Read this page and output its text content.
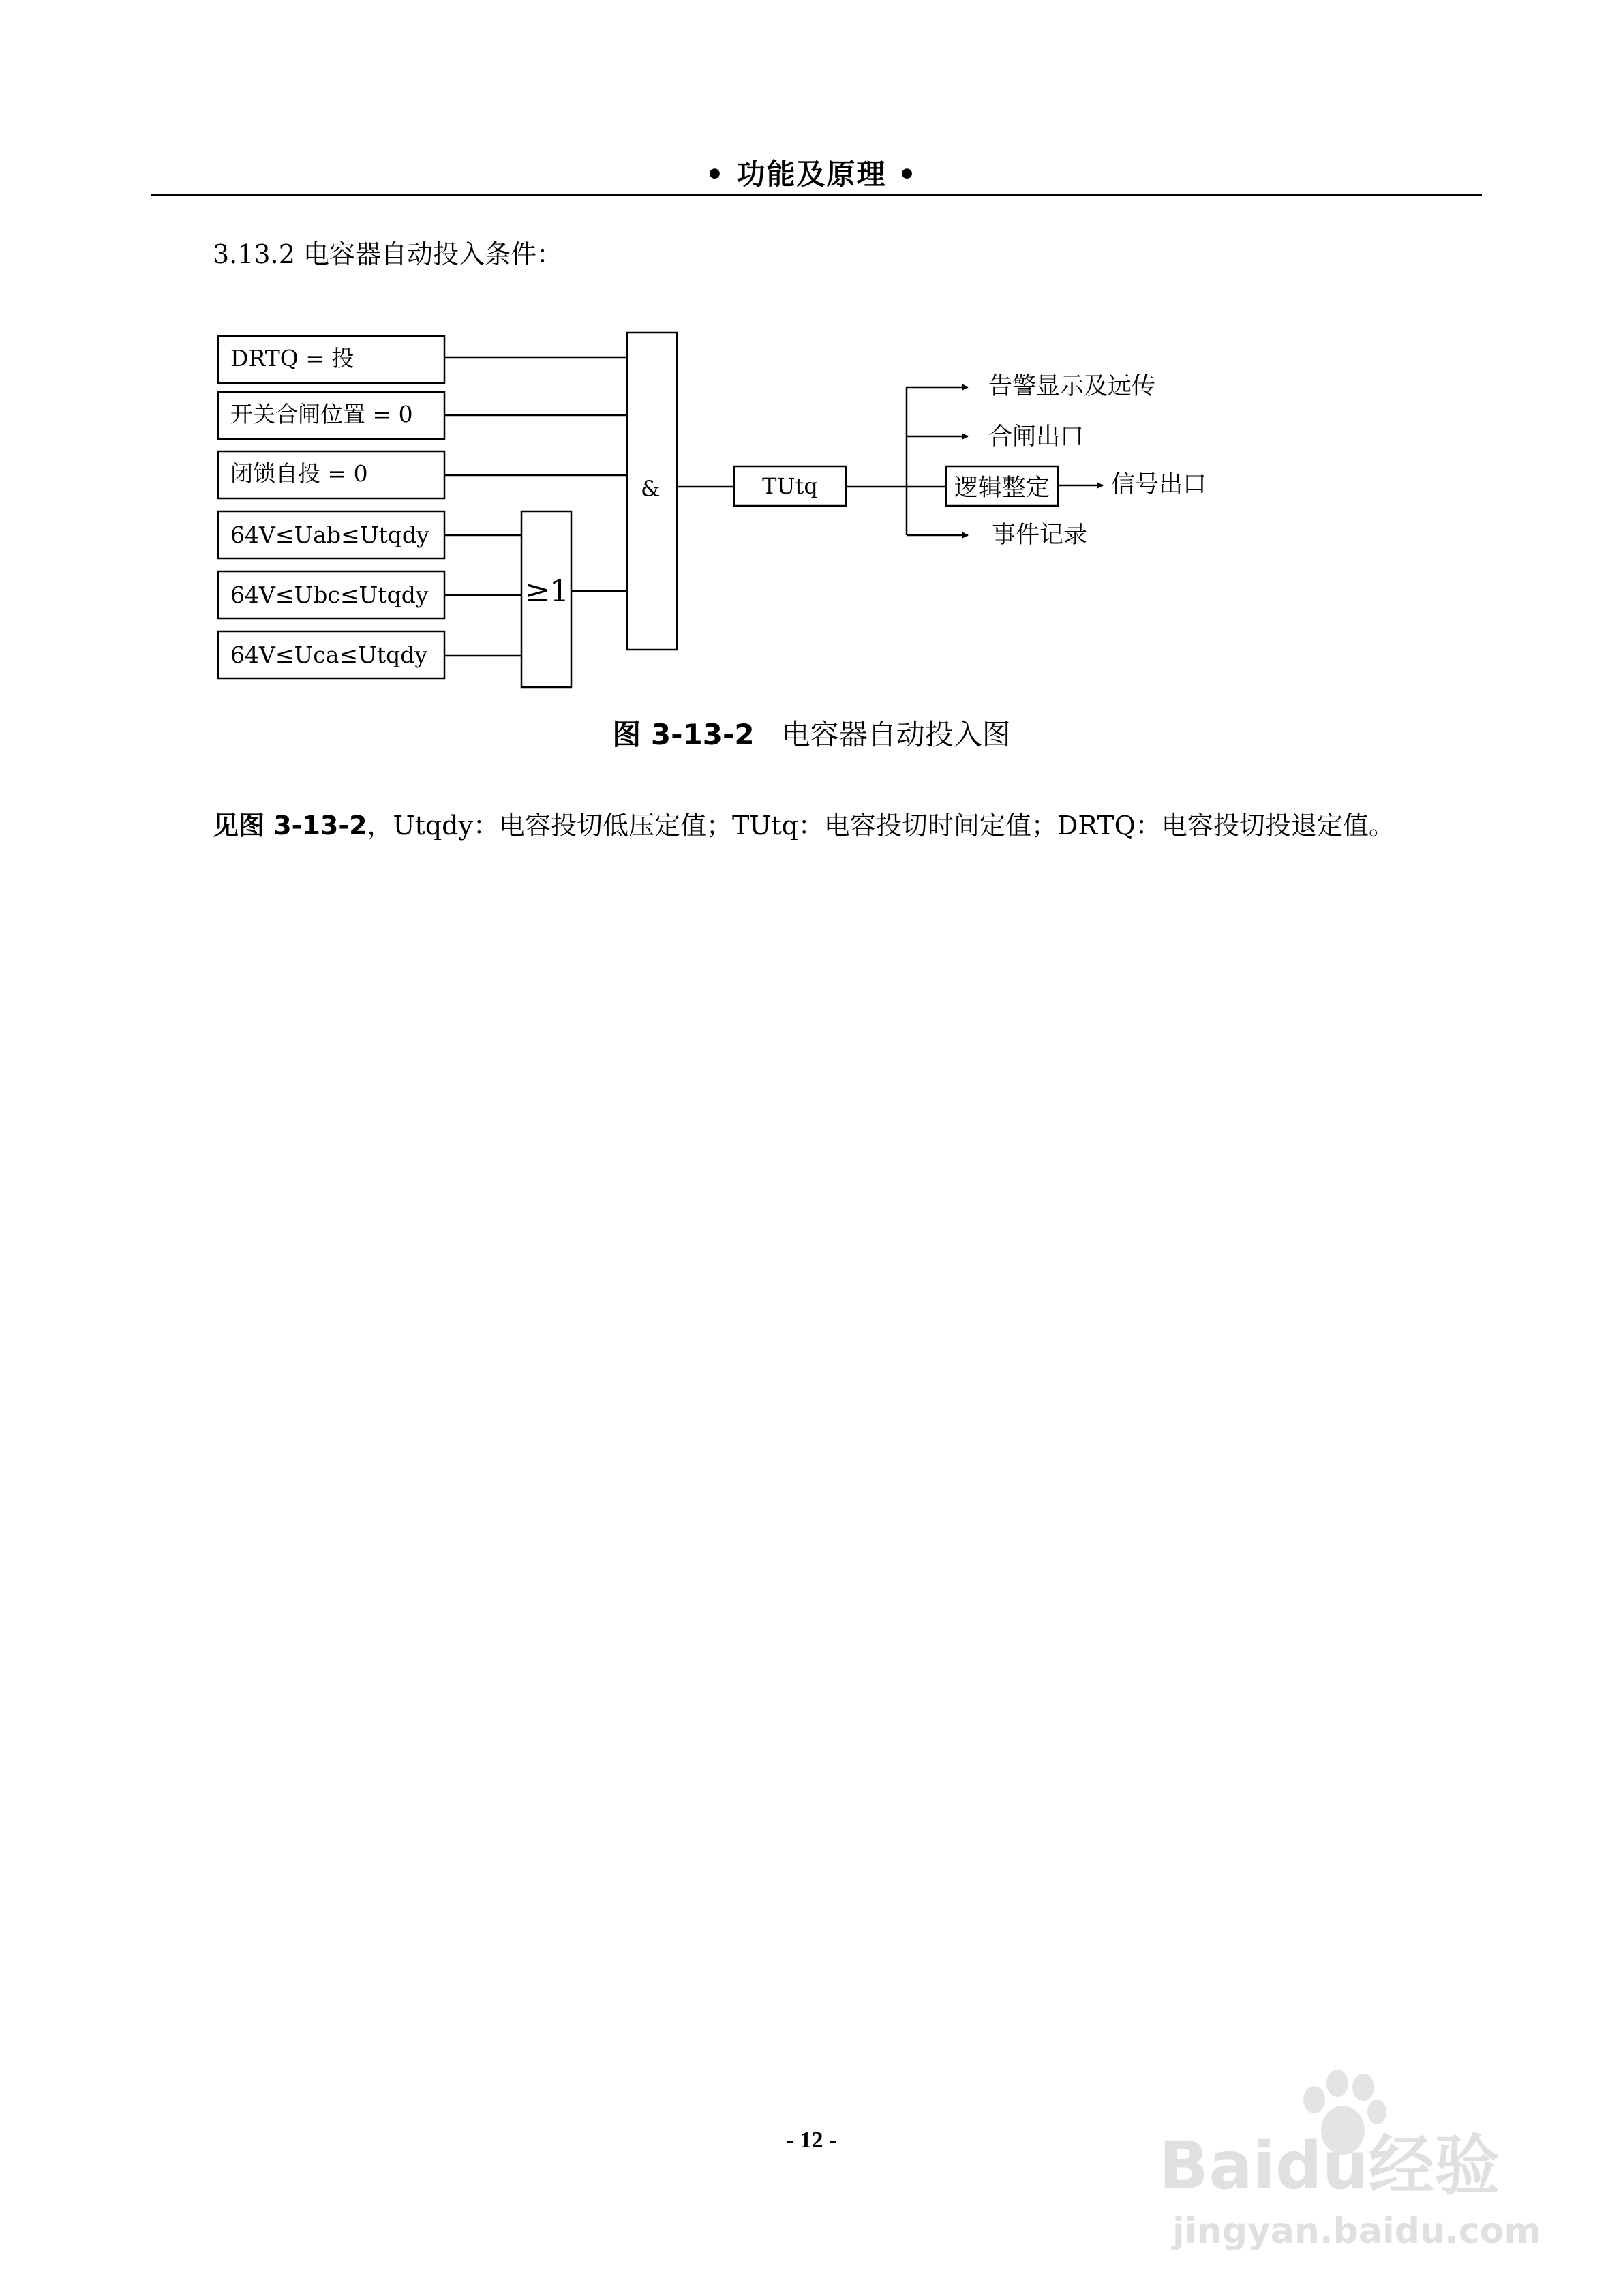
• 功能及原理 •
3.13.2 电容器自动投入条件：
DRTQ = 投
开关合闸位置 = 0
闭锁自投 = 0
64V≤Uab≤Utqdy
64V≤Ubc≤Utqdy
64V≤Uca≤Utqdy
≥1
&	TUtq
告警显示及远传
合闸出口
逻辑整定	信号出口
事件记录
图 3-13-2 电容器自动投入图
见图 3-13-2，Utqdy：电容投切低压定值；TUtq：电容投切时间定值；DRTQ：电容投切投退定值。
- 12 -	Baidu经验
jingyan.baidu.com
